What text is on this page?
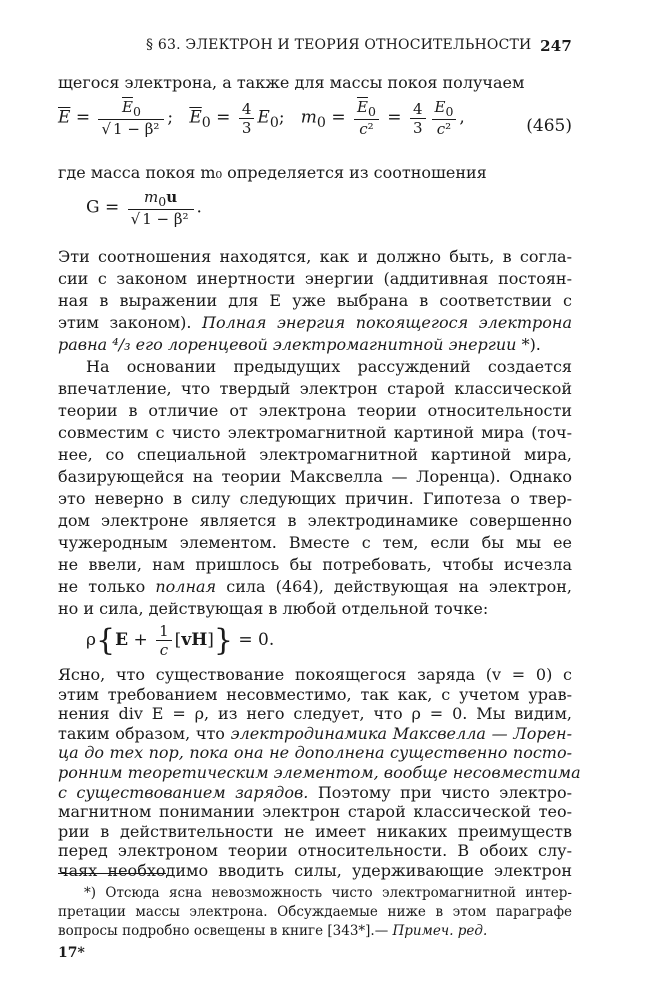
§ 63. ЭЛЕКТРОН И ТЕОРИЯ ОТНОСИТЕЛЬНОСТИ 247
щегося электрона, а также для массы покоя получаем
$\overline{E} = \frac{\overline{E}_0}{\text{√ 1 − β²}}$ ;   $\overline{E}_0 = \frac{4}{3} E_0$;   $m_0 = \frac{\overline{E}_0}{\text{c²}} = \frac{4}{3} \frac{E_0}{\text{c²}}$ ,	(465)
где масса покоя m₀ определяется из соотношения
$G = \frac{m_0u}{\text{√ 1 − β²}}$ .
Эти соотношения находятся, как и должно быть, в согла-
сии с законом инертности энергии (аддитивная постоян-
ная в выражении для E уже выбрана в соответствии с
этим законом). Полная энергия покоящегося электрона
равна ⁴/₃ его лоренцевой электромагнитной энергии *).
На основании предыдущих рассуждений создается
впечатление, что твердый электрон старой классической
теории в отличие от электрона теории относительности
совместим с чисто электромагнитной картиной мира (точ-
нее, со специальной электромагнитной картиной мира,
базирующейся на теории Максвелла — Лоренца). Однако
это неверно в силу следующих причин. Гипотеза о твер-
дом электроне является в электродинамике совершенно
чужеродным элементом. Вместе с тем, если бы мы ее
не ввели, нам пришлось бы потребовать, чтобы исчезла
не только полная сила (464), действующая на электрон,
но и сила, действующая в любой отдельной точке:
$\rho\{E + \frac{1}{c} [vH]\} = 0$.
Ясно, что существование покоящегося заряда (v = 0) с
этим требованием несовместимо, так как, с учетом урав-
нения div E = ρ, из него следует, что ρ = 0. Мы видим,
таким образом, что электродинамика Максвелла — Лорен-
ца до тех пор, пока она не дополнена существенно посто-
ронним теоретическим элементом, вообще несовместима
с существованием зарядов. Поэтому при чисто электро-
магнитном понимании электрон старой классической тео-
рии в действительности не имеет никаких преимуществ
*) Отсюда ясна невозможность чисто электромагнитной интер-
претации массы электрона. Обсуждаемые ниже в этом параграфе
вопросы подробно освещены в книге [343*].— Примеч. ред.
17*
перед электроном теории относительности. В обоих слу-
чаях необходимо вводить силы, удерживающие электрон
